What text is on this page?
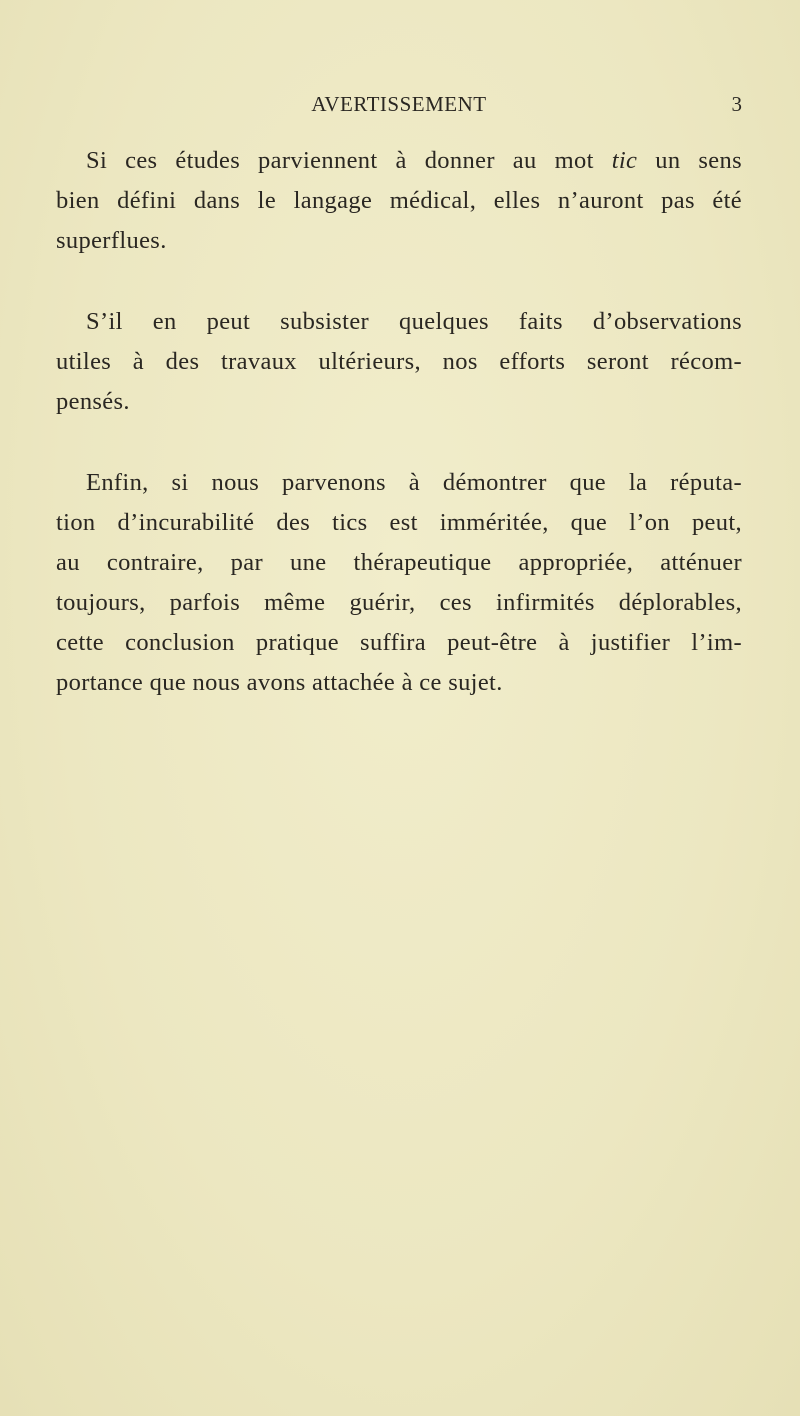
AVERTISSEMENT	3

Si ces études parviennent à donner au mot tic un sens
bien défini dans le langage médical, elles n’auront pas été
superflues.

S’il en peut subsister quelques faits d’observations
utiles à des travaux ultérieurs, nos efforts seront récom-
pensés.

Enfin, si nous parvenons à démontrer que la réputa-
tion d’incurabilité des tics est imméritée, que l’on peut,
au contraire, par une thérapeutique appropriée, atténuer
toujours, parfois même guérir, ces infirmités déplorables,
cette conclusion pratique suffira peut-être à justifier l’im-
portance que nous avons attachée à ce sujet.
